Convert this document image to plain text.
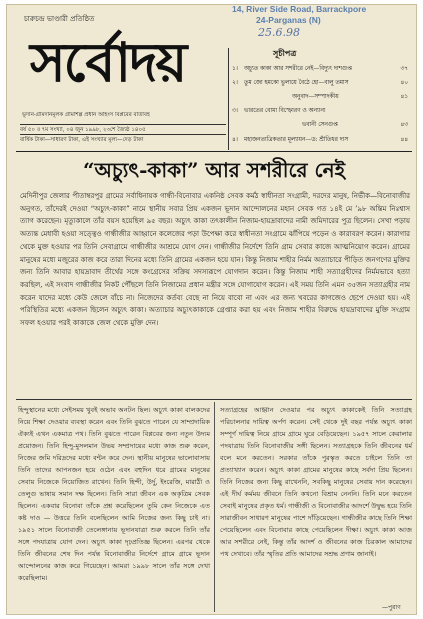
14, River Side Road, Barrackpore
24-Parganas (N)
25.6.98
চারুচন্দ্র ভাণ্ডারী প্রতিষ্ঠিত
সর্বোদয়
ভূদান-গ্রামদানমূলক গ্রামশিল্প প্রধান অহিংস বিপ্লবের বার্তাবহ
বর্ষ ৫০ ॥ ৭ম সংখ্যা, ০৪ জুন ১৯৯৮, ২৩শে জ্যৈষ্ঠ ১৪০৫
বার্ষিক টাকা—সাধারণ টাকা, এই সংখ্যার মূল্য—দেড় টাকা
সূচীপত্র
১। অচ্যুত কাকা আর সশরীরে নেই—বিদ্যুৎ দাশগুপ্ত	৩৭
২। তুম জো হমকো ভুলায়ে বৈঠে হো—বালু তমাস	৪০
অনুবাদ—সম্পাদকীয়	৪১
৩। ভারতের বোমা বিস্ফোরণ ও অন্যান্য
ভবানী সেনগুপ্ত	৪৩
৪। মহাজনতাত্রিকতার মূল্যায়ন—ড: শ্রীতিধর দাস	৪৪
“অচ্যুৎ-কাকা” আর সশরীরে নেই
মেদিনীপুর জেলার পীতাম্বরপুর গ্রামের সর্বাধিনায়ক গান্ধী-বিনোবার একনিষ্ঠ সেবক কর্মঠ স্বাধীনতা সংগ্রামী, দরদের মানুষ, নির্ভীক—বিনোবাজীর অনুগত, তাঁদেরই দেওয়া “অচ্যুৎ-কাকা” নামে স্থানীয় সবার প্রিয় একজন ভূদান আন্দোলনের মহান সেবক গত ১৪ই মে ’৯৮ অন্তিম নিঃশ্বাস ত্যাগ করেছেন। মৃত্যুকালে তাঁর বয়স হয়েছিল ৯৫ বছর। অচ্যুৎ কাকা তৎকালীন নিজাম-হায়দ্রাবাদের নামী জমিদারের পুত্র ছিলেন। সেখা পড়ায় অত্যন্ত মেধাবী হওয়া সত্ত্বেও গান্ধীজীর আহ্বানে কলেজের পড়া উপেক্ষা করে স্বাধীনতা সংগ্রামে ঝাঁপিয়ে পড়েন ও কারাবরণ করেন। কারাগার থেকে মুক্ত হওয়ার পর তিনি সেবাগ্রামে গান্ধীজীর আশ্রমে যোগ দেন। গান্ধীজীর নির্দেশে তিনি গ্রাম সেবার কাজে আত্মনিয়োগ করেন। গ্রামের মানুষের মধ্যে মজুরের কাজ করে তারা দিনের মধ্যে তিনি গ্রামের একজন হয়ে যান। কিন্তু নিজাম শাহীর নির্মম অত্যাচারে পীড়িত জনগণের মুক্তির জন্য তিনি আবার হায়দ্রাবাদ তীর্থের সঙ্গে কংগ্রেসের সক্রিয় সদস্যরূপে যোগদান করেন। কিন্তু নিজাম শাহী সত্যাগ্রহীদের নির্মমভাবে হত্যা করছিল, এই সংবাদ গান্ধীজীর নিকট পৌঁছলে তিনি নিজামের প্রধান মন্ত্রীর সঙ্গে যোগাযোগ করেন। এই সময় তিনি এমন ৩৫জন সত্যাগ্রহীর নাম করেন যাদের মধ্যে কেউ জেলে বাঁচে না। নিজেদের কর্তব্য বেছে না নিয়ে বাবো না এবং এর জন্য খবরের কাগজেও ছেপে দেওয়া হয়। এই পরিস্থিতির মধ্যে একজন ছিলেন অচ্যুৎ কাকা। অত্যাচার অচ্যুৎকাকাকে গ্রেপ্তার করা হয় এবং নিজাম শাহীর বিরুদ্ধে হায়দ্রাবাদের মুক্তি সংগ্রাম সফল হওয়ার পরই কাকাকে জেল থেকে মুক্তি দেন।
হিন্দুস্থানের মধ্যে সেইসময় খুবই অভাব অনটন ছিল। অচ্যুৎ কাকা বালকদের নিয়ে শিক্ষা দেওয়ার ব্যবস্থা করেন এবং তিনি বুঝতে পারেন যে সাম্প্রদায়িক ঐক্যই এখন একমাত্র পথ। তিনি বুঝতে পারেন বিপ্লবের জন্য নতুন উদ্যম প্রয়োজন। তিনি হিন্দু-মুসলমান উভয় সম্প্রদায়ের মধ্যে কাজ শুরু করেন, নিজের জমি দরিদ্রদের মধ্যে বন্টন করে দেন। স্থানীয় মানুষের ভালোবাসায় তিনি তাদের আপনজন হয়ে ওঠেন এবং বহুদিন ধরে গ্রামের মানুষের সেবায় নিজেকে নিয়োজিত রাখেন। তিনি হিন্দী, উর্দু, ইংরেজি, মারাঠী ও তেলুগু ভাষায় সমান দক্ষ ছিলেন। তিনি সারা জীবন এক অকৃত্রিম সেবক ছিলেন। একবার বিনোবা তাঁকে প্রশ্ন করেছিলেন তুমি কেন নিজেকে এত কষ্ট দাও — উত্তরে তিনি বলেছিলেন আমি নিজের জন্য কিছু চাই না। ১৯৫১ সালে বিনোবাজী তেলেঙ্গানায় ভূদানযাত্রা শুরু করলে তিনি তাঁর সঙ্গে পদযাত্রায় যোগ দেন। অচ্যুৎ কাকা দৃঢ়প্রতিজ্ঞ ছিলেন। এরপর থেকে তিনি জীবনের শেষ দিন পর্যন্ত বিনোবাজীর নির্দেশে গ্রামে গ্রামে ভূদান আন্দোলনের কাজ করে গিয়েছেন। আমরা ১৯৯৮ সালে তাঁর সঙ্গে দেখা করেছিলাম।
সত্যাগ্রহের আহ্বান দেওয়ার পর অচ্যুৎ কাকাকেই তিনি সত্যাগ্রহ পরিচালনার দায়িত্ব অর্পণ করেন। সেই থেকে দুই বছর পর্যন্ত অচ্যুৎ কাকা সম্পূর্ণ দায়িত্ব নিয়ে গ্রামে গ্রামে ঘুরে বেড়িয়েছেন। ১৯৫৭ সালে কেরালার পদযাত্রায় তিনি বিনোবাজীর সঙ্গী ছিলেন। সত্যাগ্রহকে তিনি জীবনের ধর্ম বলে মনে করতেন। সরকার তাঁকে পুরস্কৃত করতে চাইলে তিনি তা প্রত্যাখ্যান করেন। অচ্যুৎ কাকা গ্রামের মানুষের কাছে সর্বদা প্রিয় ছিলেন। তিনি নিজের জন্য কিছু রাখেননি, সবকিছু মানুষের সেবায় দান করেছেন। এই দীর্ঘ কর্মময় জীবনে তিনি কখনো বিশ্রাম নেননি। তিনি মনে করতেন সেবাই মানুষের প্রকৃত ধর্ম। গান্ধীজী ও বিনোবাজীর আদর্শে উদ্বুদ্ধ হয়ে তিনি সারাজীবন সাধারণ মানুষের পাশে দাঁড়িয়েছেন। গান্ধীজীর কাছে তিনি শিক্ষা পেয়েছিলেন এবং বিনোবার কাছে পেয়েছিলেন দীক্ষা। অচ্যুৎ কাকা আজ আর সশরীরে নেই, কিন্তু তাঁর আদর্শ ও জীবনের কাজ চিরকাল আমাদের পথ দেখাবে। তাঁর স্মৃতির প্রতি আমাদের সশ্রদ্ধ প্রণাম জানাই।
—পুরাণ
